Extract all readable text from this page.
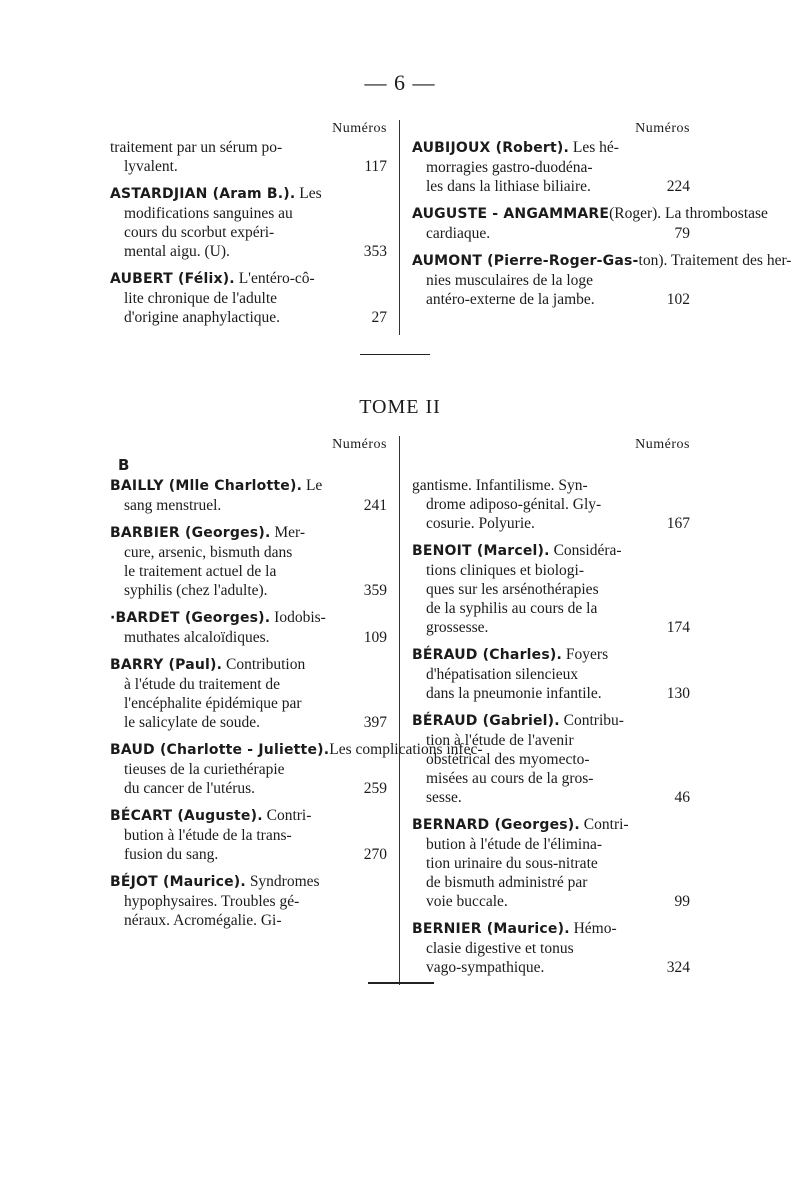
— 6 —
Numéros
traitement par un sérum po-
lyvalent.	117
ASTARDJIAN (Aram B.). Les
modifications sanguines au
cours du scorbut expéri-
mental aigu. (U).	353
AUBERT (Félix). L'entéro-cô-
lite chronique de l'adulte
d'origine anaphylactique.	27
Numéros
AUBIJOUX (Robert). Les hé-
morragies gastro-duodéna-
les dans la lithiase biliaire.	224
AUGUSTE - ANGAMMARE(Roger). La thrombostase
cardiaque.	79
AUMONT (Pierre-Roger-Gas-ton). Traitement des her-
nies musculaires de la loge
antéro-externe de la jambe.	102
TOME II
Numéros
B
BAILLY (Mlle Charlotte). Le
sang menstruel.	241
BARBIER (Georges). Mer-
cure, arsenic, bismuth dans
le traitement actuel de la
syphilis (chez l'adulte).	359
·BARDET (Georges). Iodobis-
muthates alcaloïdiques.	109
BARRY (Paul). Contribution
à l'étude du traitement de
l'encéphalite épidémique par
le salicylate de soude.	397
BAUD (Charlotte - Juliette).Les complications infec-
tieuses de la curiethérapie
du cancer de l'utérus.	259
BÉCART (Auguste). Contri-
bution à l'étude de la trans-
fusion du sang.	270
BÉJOT (Maurice). Syndromes
hypophysaires. Troubles gé-
néraux. Acromégalie. Gi-
Numéros
gantisme. Infantilisme. Syn-
drome adiposo-génital. Gly-
cosurie. Polyurie.	167
BENOIT (Marcel). Considéra-
tions cliniques et biologi-
ques sur les arsénothérapies
de la syphilis au cours de la
grossesse.	174
BÉRAUD (Charles). Foyers
d'hépatisation silencieux
dans la pneumonie infantile.	130
BÉRAUD (Gabriel). Contribu-
tion à l'étude de l'avenir
obstétrical des myomecto-
misées au cours de la gros-
sesse.	46
BERNARD (Georges). Contri-
bution à l'étude de l'élimina-
tion urinaire du sous-nitrate
de bismuth administré par
voie buccale.	99
BERNIER (Maurice). Hémo-
clasie digestive et tonus
vago-sympathique.	324
